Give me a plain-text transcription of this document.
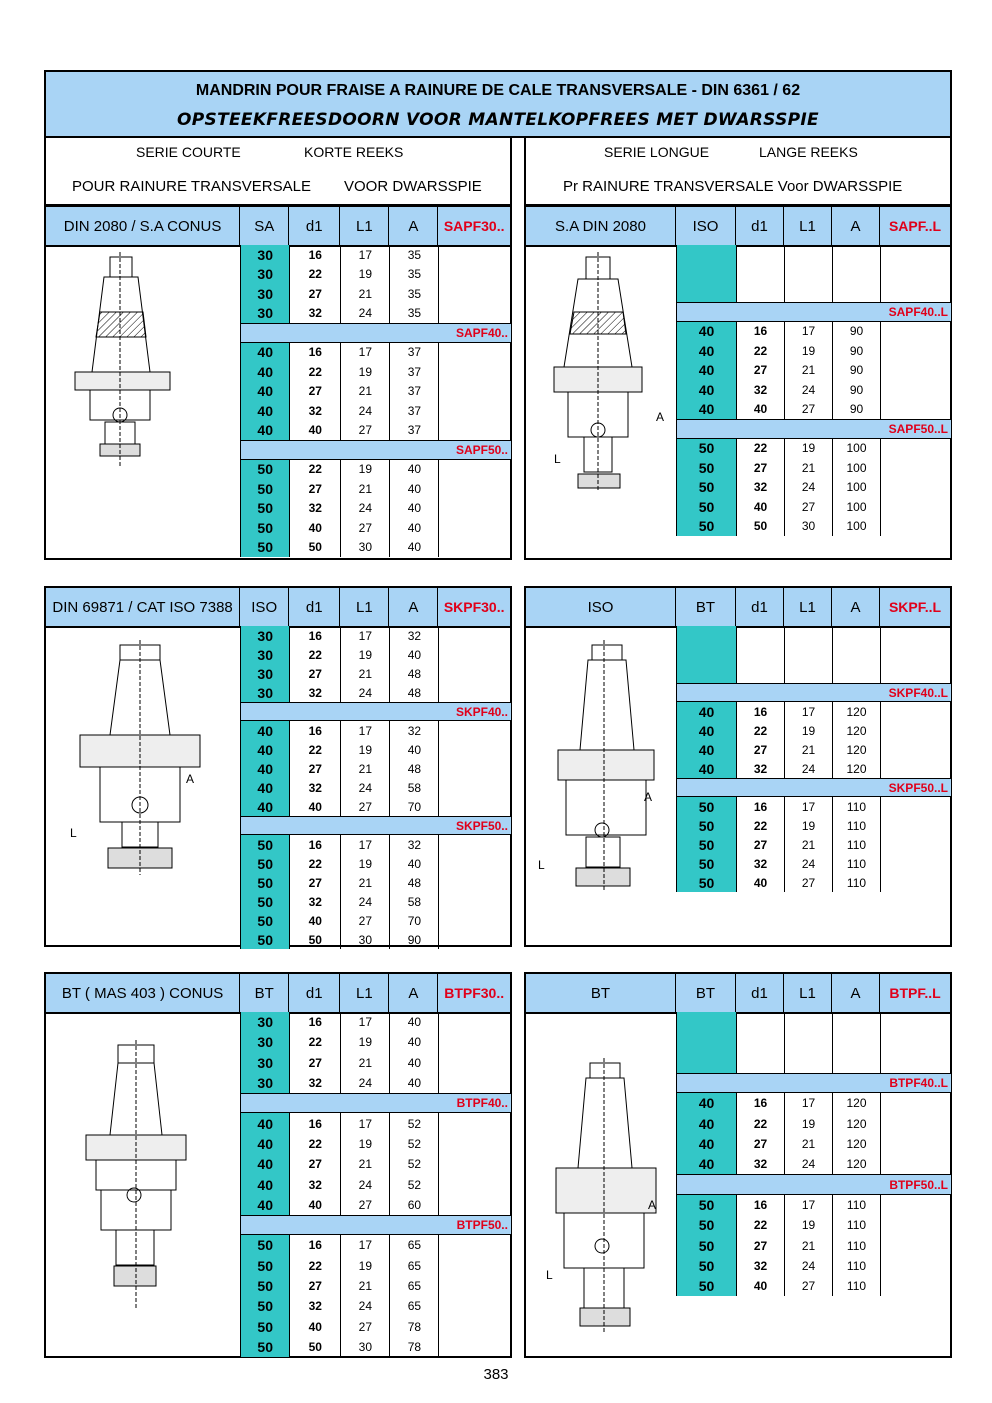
MANDRIN POUR FRAISE A RAINURE DE CALE TRANSVERSALE - DIN 6361 / 62
OPSTEEKFREESDOORN VOOR MANTELKOPFREES MET DWARSSPIE
SERIE COURTE	KORTE REEKS
POUR RAINURE TRANSVERSALE VOOR DWARSSPIE
SERIE LONGUE	LANGE REEKS
Pr RAINURE TRANSVERSALE Voor DWARSSPIE
DIN 2080 / S.A CONUS	SA	d1	L1	A	SAPF30..
30	16	17	35
30	22	19	35
30	27	21	35
30	32	24	35
SAPF40..
40	16	17	37
40	22	19	37
40	27	21	37
40	32	24	37
40	40	27	37
SAPF50..
50	22	19	40
50	27	21	40
50	32	24	40
50	40	27	40
50	50	30	40
S.A DIN 2080	ISO	d1	L1	A	SAPF..L
SAPF40..L
40	16	17	90
40	22	19	90
40	27	21	90
40	32	24	90
40	40	27	90
SAPF50..L
50	22	19	100
50	27	21	100
50	32	24	100
50	40	27	100
50	50	30	100
DIN 69871 / CAT ISO 7388	ISO	d1	L1	A	SKPF30..
30	16	17	32
30	22	19	40
30	27	21	48
30	32	24	48
SKPF40..
40	16	17	32
40	22	19	40
40	27	21	48
40	32	24	58
40	40	27	70
SKPF50..
50	16	17	32
50	22	19	40
50	27	21	48
50	32	24	58
50	40	27	70
50	50	30	90
ISO	BT	d1	L1	A	SKPF..L
SKPF40..L
40	16	17	120
40	22	19	120
40	27	21	120
40	32	24	120
SKPF50..L
50	16	17	110
50	22	19	110
50	27	21	110
50	32	24	110
50	40	27	110
BT ( MAS 403 ) CONUS	BT	d1	L1	A	BTPF30..
30	16	17	40
30	22	19	40
30	27	21	40
30	32	24	40
BTPF40..
40	16	17	52
40	22	19	52
40	27	21	52
40	32	24	52
40	40	27	60
BTPF50..
50	16	17	65
50	22	19	65
50	27	21	65
50	32	24	65
50	40	27	78
50	50	30	78
BT	BT	d1	L1	A	BTPF..L
BTPF40..L
40	16	17	120
40	22	19	120
40	27	21	120
40	32	24	120
BTPF50..L
50	16	17	110
50	22	19	110
50	27	21	110
50	32	24	110
50	40	27	110
A
L
A
L
A
L
A
L
383
